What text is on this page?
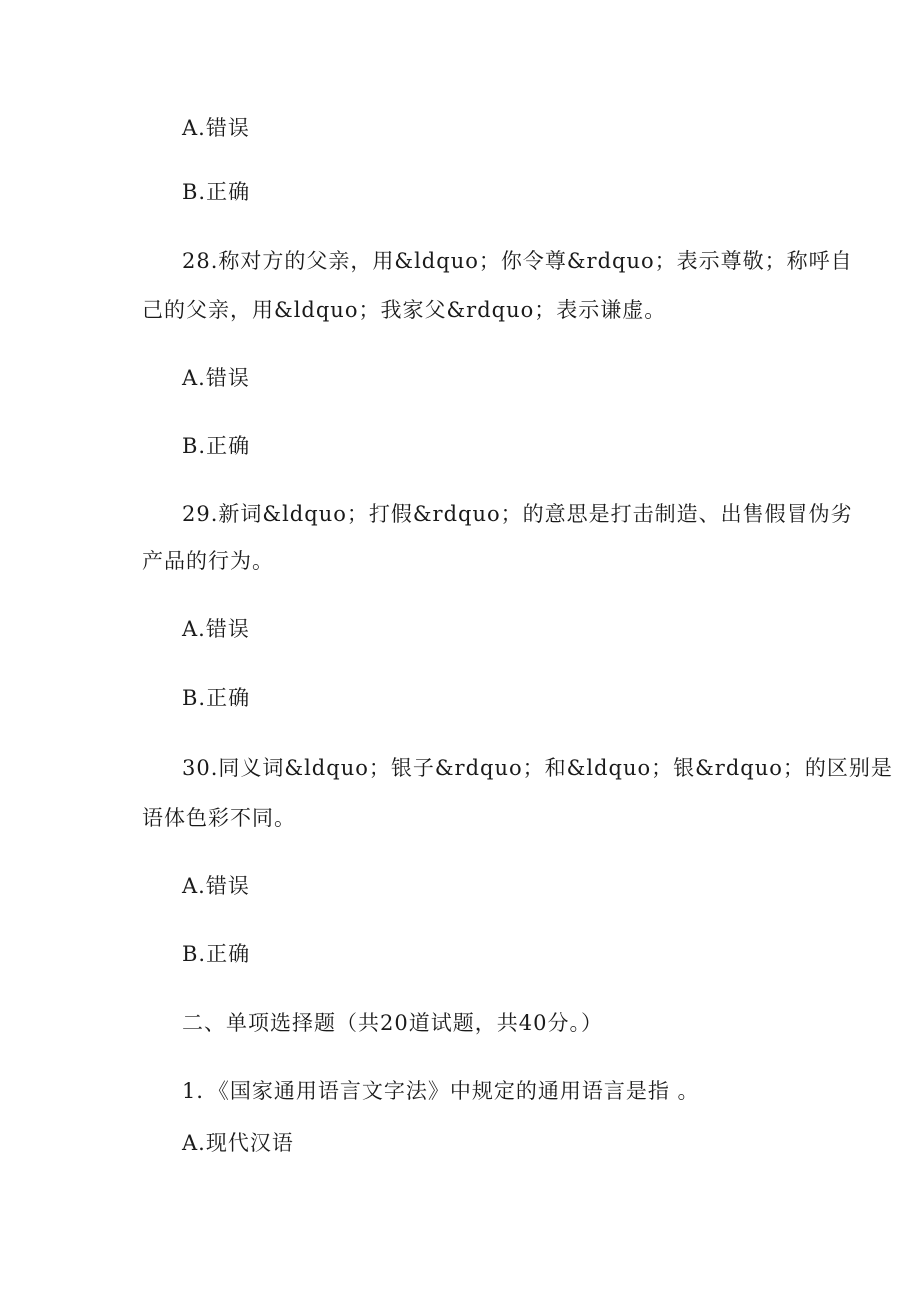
A.错误
B.正确
28.称对方的父亲，用&ldquo；你令尊&rdquo；表示尊敬；称呼自
己的父亲，用&ldquo；我家父&rdquo；表示谦虚。
A.错误
B.正确
29.新词&ldquo；打假&rdquo；的意思是打击制造、出售假冒伪劣
产品的行为。
A.错误
B.正确
30.同义词&ldquo；银子&rdquo；和&ldquo；银&rdquo；的区别是
语体色彩不同。
A.错误
B.正确
二、单项选择题（共20道试题，共40分。）
1．《国家通用语言文字法》中规定的通用语言是指 。
A.现代汉语
